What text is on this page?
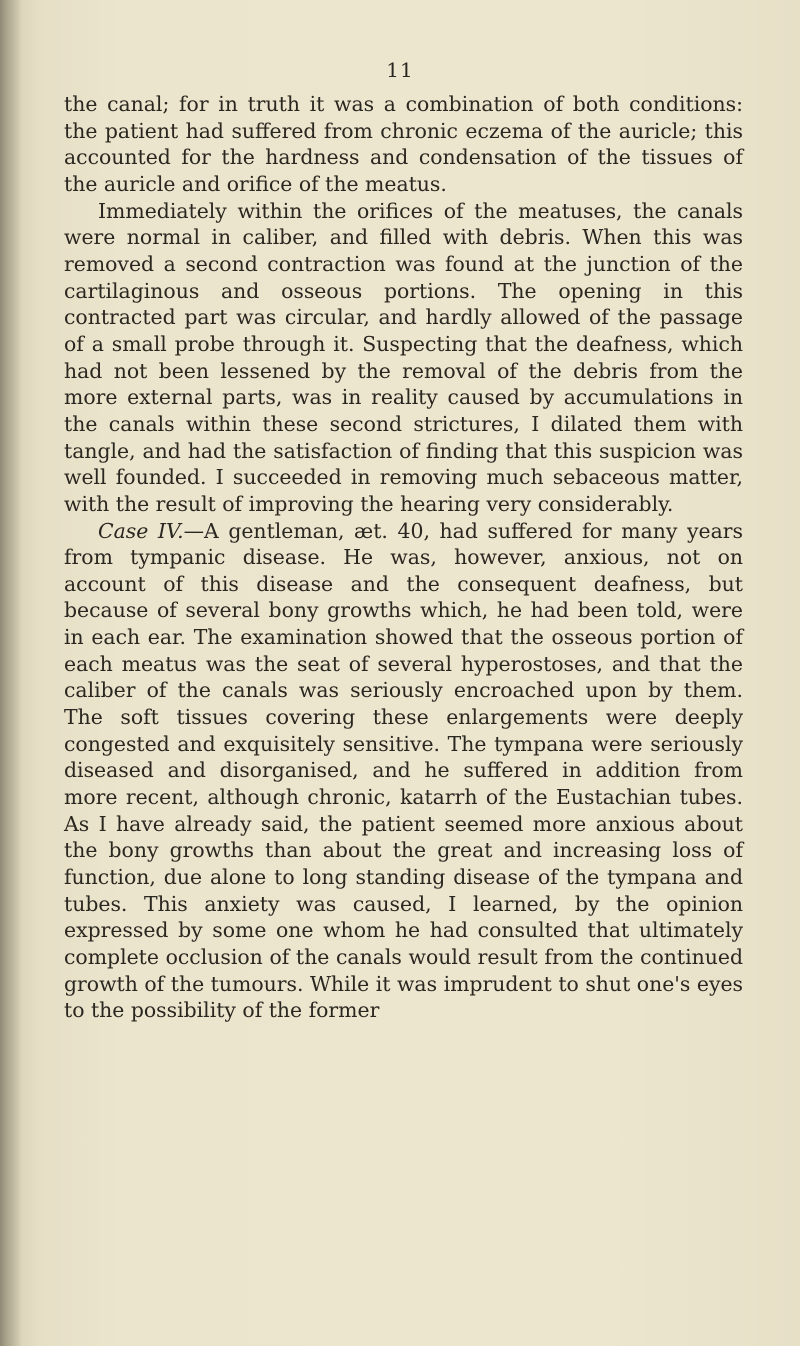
11

the canal; for in truth it was a combination of both conditions: the patient had suffered from chronic eczema of the auricle; this accounted for the hardness and condensation of the tissues of the auricle and orifice of the meatus.

Immediately within the orifices of the meatuses, the canals were normal in caliber, and filled with debris. When this was removed a second contraction was found at the junction of the cartilaginous and osseous portions. The opening in this contracted part was circular, and hardly allowed of the passage of a small probe through it. Suspecting that the deafness, which had not been lessened by the removal of the debris from the more external parts, was in reality caused by accumulations in the canals within these second strictures, I dilated them with tangle, and had the satisfaction of finding that this suspicion was well founded. I succeeded in removing much sebaceous matter, with the result of improving the hearing very considerably.

Case IV.—A gentleman, æt. 40, had suffered for many years from tympanic disease. He was, however, anxious, not on account of this disease and the consequent deafness, but because of several bony growths which, he had been told, were in each ear. The examination showed that the osseous portion of each meatus was the seat of several hyperostoses, and that the caliber of the canals was seriously encroached upon by them. The soft tissues covering these enlargements were deeply congested and exquisitely sensitive. The tympana were seriously diseased and disorganised, and he suffered in addition from more recent, although chronic, katarrh of the Eustachian tubes. As I have already said, the patient seemed more anxious about the bony growths than about the great and increasing loss of function, due alone to long standing disease of the tympana and tubes. This anxiety was caused, I learned, by the opinion expressed by some one whom he had consulted that ultimately complete occlusion of the canals would result from the continued growth of the tumours. While it was imprudent to shut one's eyes to the possibility of the former
